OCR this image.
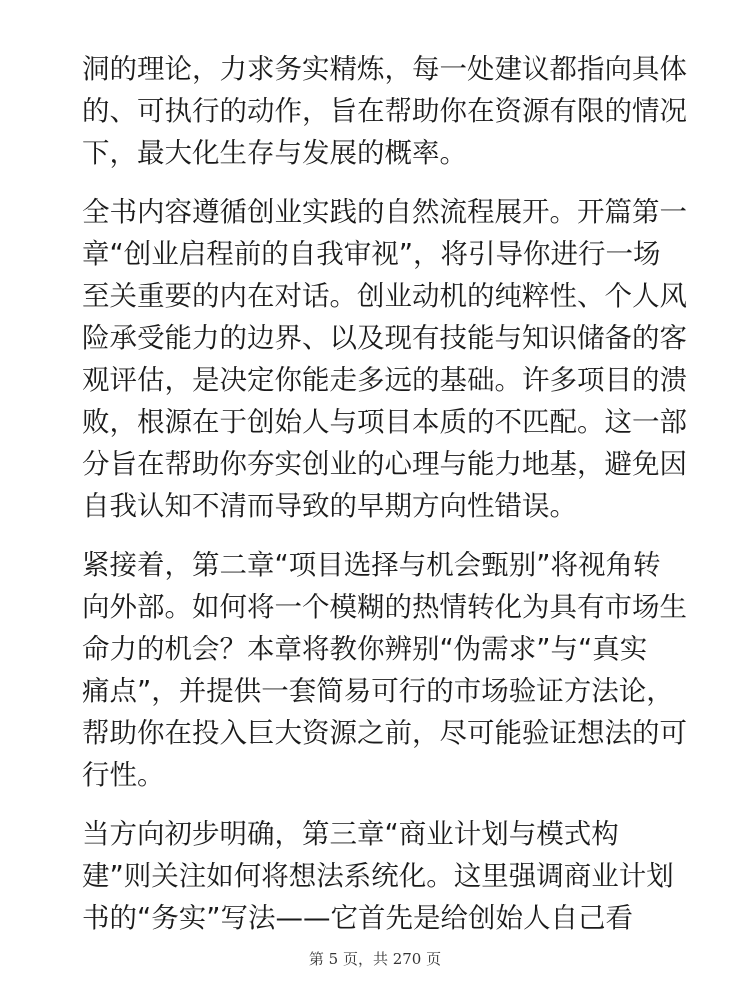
洞的理论，力求务实精炼，每一处建议都指向具体
的、可执行的动作，旨在帮助你在资源有限的情况
下，最大化生存与发展的概率。

全书内容遵循创业实践的自然流程展开。开篇第一
章“创业启程前的自我审视”，将引导你进行一场
至关重要的内在对话。创业动机的纯粹性、个人风
险承受能力的边界、以及现有技能与知识储备的客
观评估，是决定你能走多远的基础。许多项目的溃
败，根源在于创始人与项目本质的不匹配。这一部
分旨在帮助你夯实创业的心理与能力地基，避免因
自我认知不清而导致的早期方向性错误。

紧接着，第二章“项目选择与机会甄别”将视角转
向外部。如何将一个模糊的热情转化为具有市场生
命力的机会？本章将教你辨别“伪需求”与“真实
痛点”，并提供一套简易可行的市场验证方法论，
帮助你在投入巨大资源之前，尽可能验证想法的可
行性。

当方向初步明确，第三章“商业计划与模式构
建”则关注如何将想法系统化。这里强调商业计划
书的“务实”写法——它首先是给创始人自己看

第 5 页，共 270 页
